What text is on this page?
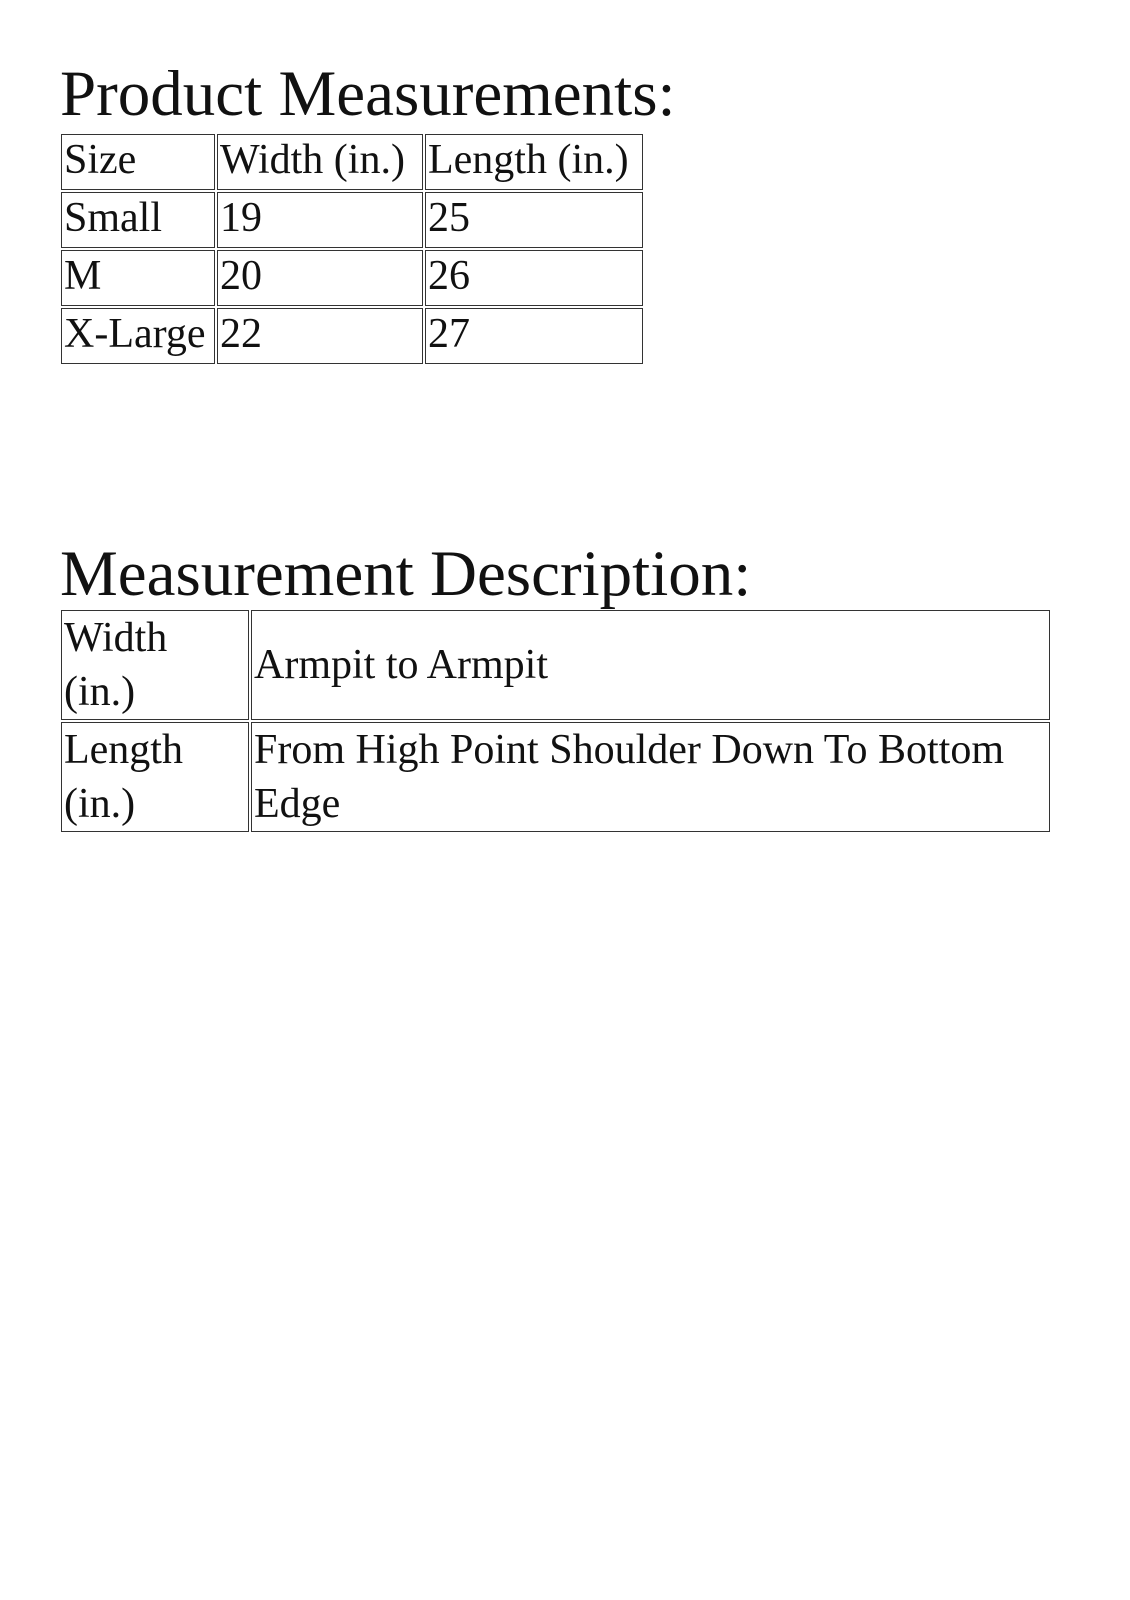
Product Measurements:
Size	Width (in.)	Length (in.)
Small	19	25
M	20	26
X-Large	22	27
Measurement Description:
Width (in.)	Armpit to Armpit
Length (in.)	From High Point Shoulder Down To Bottom Edge
